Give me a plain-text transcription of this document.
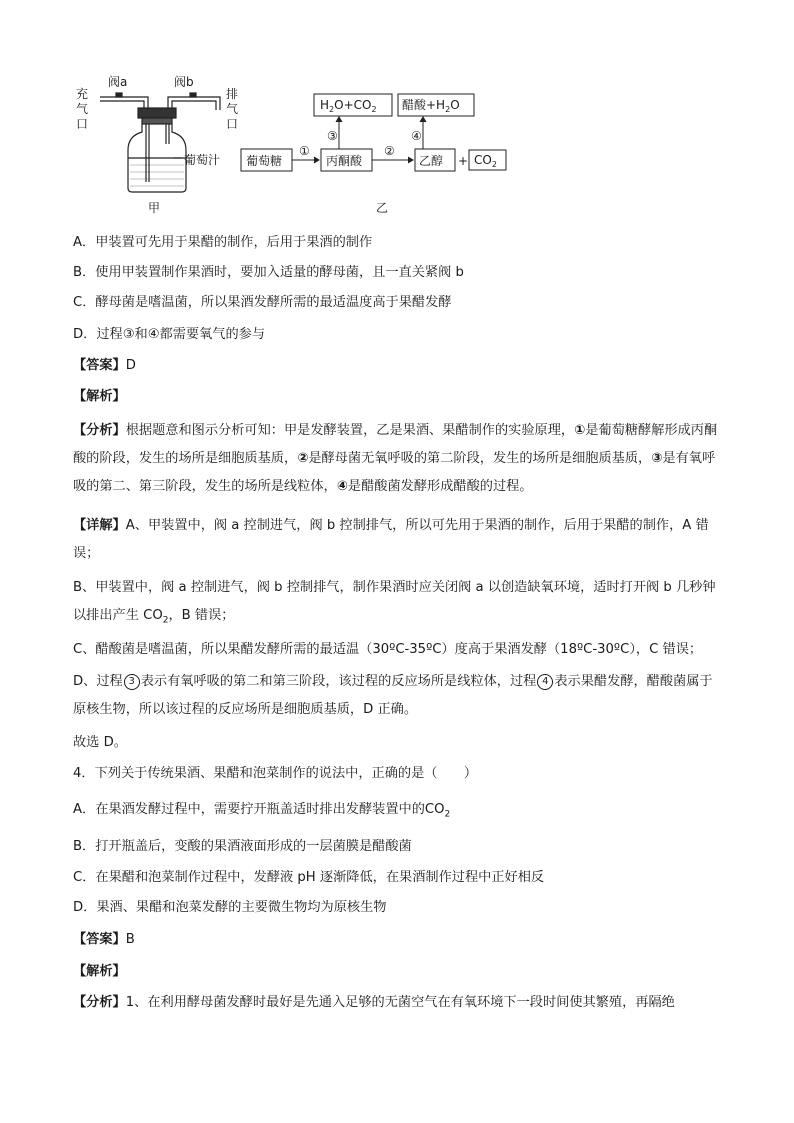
阀a	阀b
充
气
口
排
气
口
葡萄汁
甲
葡萄糖	丙酮酸	乙醇 + $CO_2$
$H_2O+CO_2$ 醋酸$+H_2O$
①	②
③	④
乙
A．甲装置可先用于果醋的制作，后用于果酒的制作
B．使用甲装置制作果酒时，要加入适量的酵母菌，且一直关紧阀 b
C．酵母菌是嗜温菌，所以果酒发酵所需的最适温度高于果醋发酵
D．过程③和④都需要氧气的参与
【答案】D
【解析】
【分析】根据题意和图示分析可知：甲是发酵装置，乙是果酒、果醋制作的实验原理，①是葡萄糖酵解形成丙酮酸的阶段，发生的场所是细胞质基质，②是酵母菌无氧呼吸的第二阶段，发生的场所是细胞质基质，③是有氧呼吸的第二、第三阶段，发生的场所是线粒体，④是醋酸菌发酵形成醋酸的过程。
【详解】A、甲装置中，阀 a 控制进气，阀 b 控制排气，所以可先用于果酒的制作，后用于果醋的制作，A 错误；
B、甲装置中，阀 a 控制进气，阀 b 控制排气，制作果酒时应关闭阀 a 以创造缺氧环境，适时打开阀 b 几秒钟以排出产生 $CO_2$，B 错误；
C、醋酸菌是嗜温菌，所以果醋发酵所需的最适温（30ºC-35ºC）度高于果酒发酵（18ºC-30ºC），C 错误；
D、过程 3 表示有氧呼吸的第二和第三阶段，该过程的反应场所是线粒体，过程 4 表示果醋发酵，醋酸菌属于原核生物，所以该过程的反应场所是细胞质基质，D 正确。
故选 D。
4．下列关于传统果酒、果醋和泡菜制作的说法中，正确的是（　　）
A．在果酒发酵过程中，需要拧开瓶盖适时排出发酵装置中的$CO_2$
B．打开瓶盖后，变酸的果酒液面形成的一层菌膜是醋酸菌
C．在果醋和泡菜制作过程中，发酵液 pH 逐渐降低，在果酒制作过程中正好相反
D．果酒、果醋和泡菜发酵的主要微生物均为原核生物
【答案】B
【解析】
【分析】1、在利用酵母菌发酵时最好是先通入足够的无菌空气在有氧环境下一段时间使其繁殖，再隔绝
